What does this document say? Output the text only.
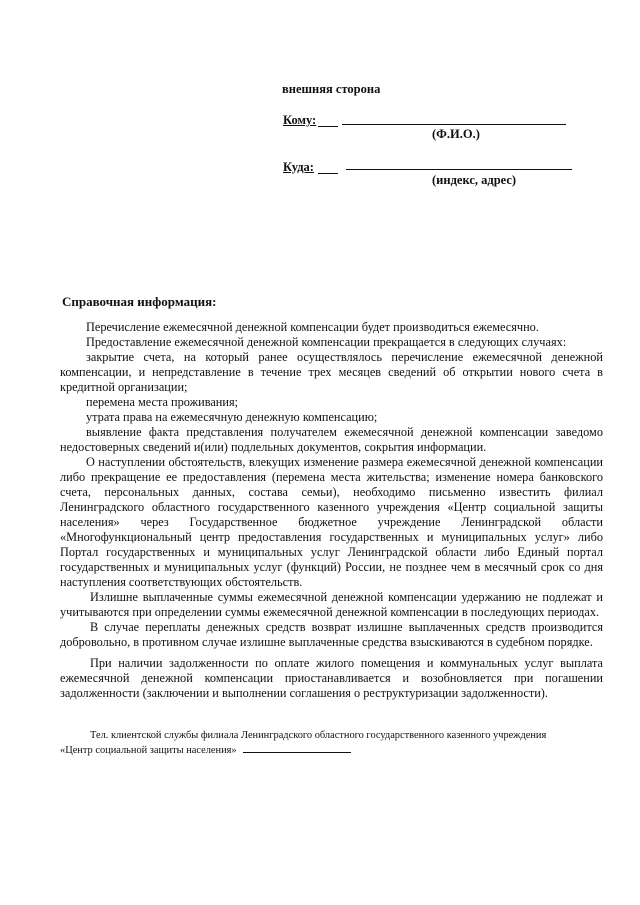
внешняя сторона
Кому:
(Ф.И.О.)
Куда:
(индекс, адрес)
Справочная информация:

Перечисление ежемесячной денежной компенсации будет производиться ежемесячно.

Предоставление ежемесячной денежной компенсации прекращается в следующих случаях:

закрытие счета, на который ранее осуществлялось перечисление ежемесячной денежной компенсации, и непредставление в течение трех месяцев сведений об открытии нового счета в кредитной организации;

перемена места проживания;

утрата права на ежемесячную денежную компенсацию;

выявление факта представления получателем ежемесячной денежной компенсации заведомо недостоверных сведений и(или) подлельных документов, сокрытия информации.

О наступлении обстоятельств, влекущих изменение размера ежемесячной денежной компенсации либо прекращение ее предоставления (перемена места жительства; изменение номера банковского счета, персональных данных, состава семьи), необходимо письменно известить филиал Ленинградского областного государственного казенного учреждения «Центр социальной защиты населения» через Государственное бюджетное учреждение Ленинградской области «Многофункциональный центр предоставления государственных и муниципальных услуг» либо Портал государственных и муниципальных услуг Ленинградской области либо Единый портал государственных и муниципальных услуг (функций) России, не позднее чем в месячный срок со дня наступления соответствующих обстоятельств.

Излишне выплаченные суммы ежемесячной денежной компенсации удержанию не подлежат и учитываются при определении суммы ежемесячной денежной компенсации в последующих периодах.

В случае переплаты денежных средств возврат излишне выплаченных средств производится добровольно, в противном случае излишне выплаченные средства взыскиваются в судебном порядке.

При наличии задолженности по оплате жилого помещения и коммунальных услуг выплата ежемесячной денежной компенсации приостанавливается и возобновляется при погашении задолженности (заключении и выполнении соглашения о реструктуризации задолженности).

Тел. клиентской службы филиала Ленинградского областного государственного казенного учреждения
«Центр социальной защиты населения»
